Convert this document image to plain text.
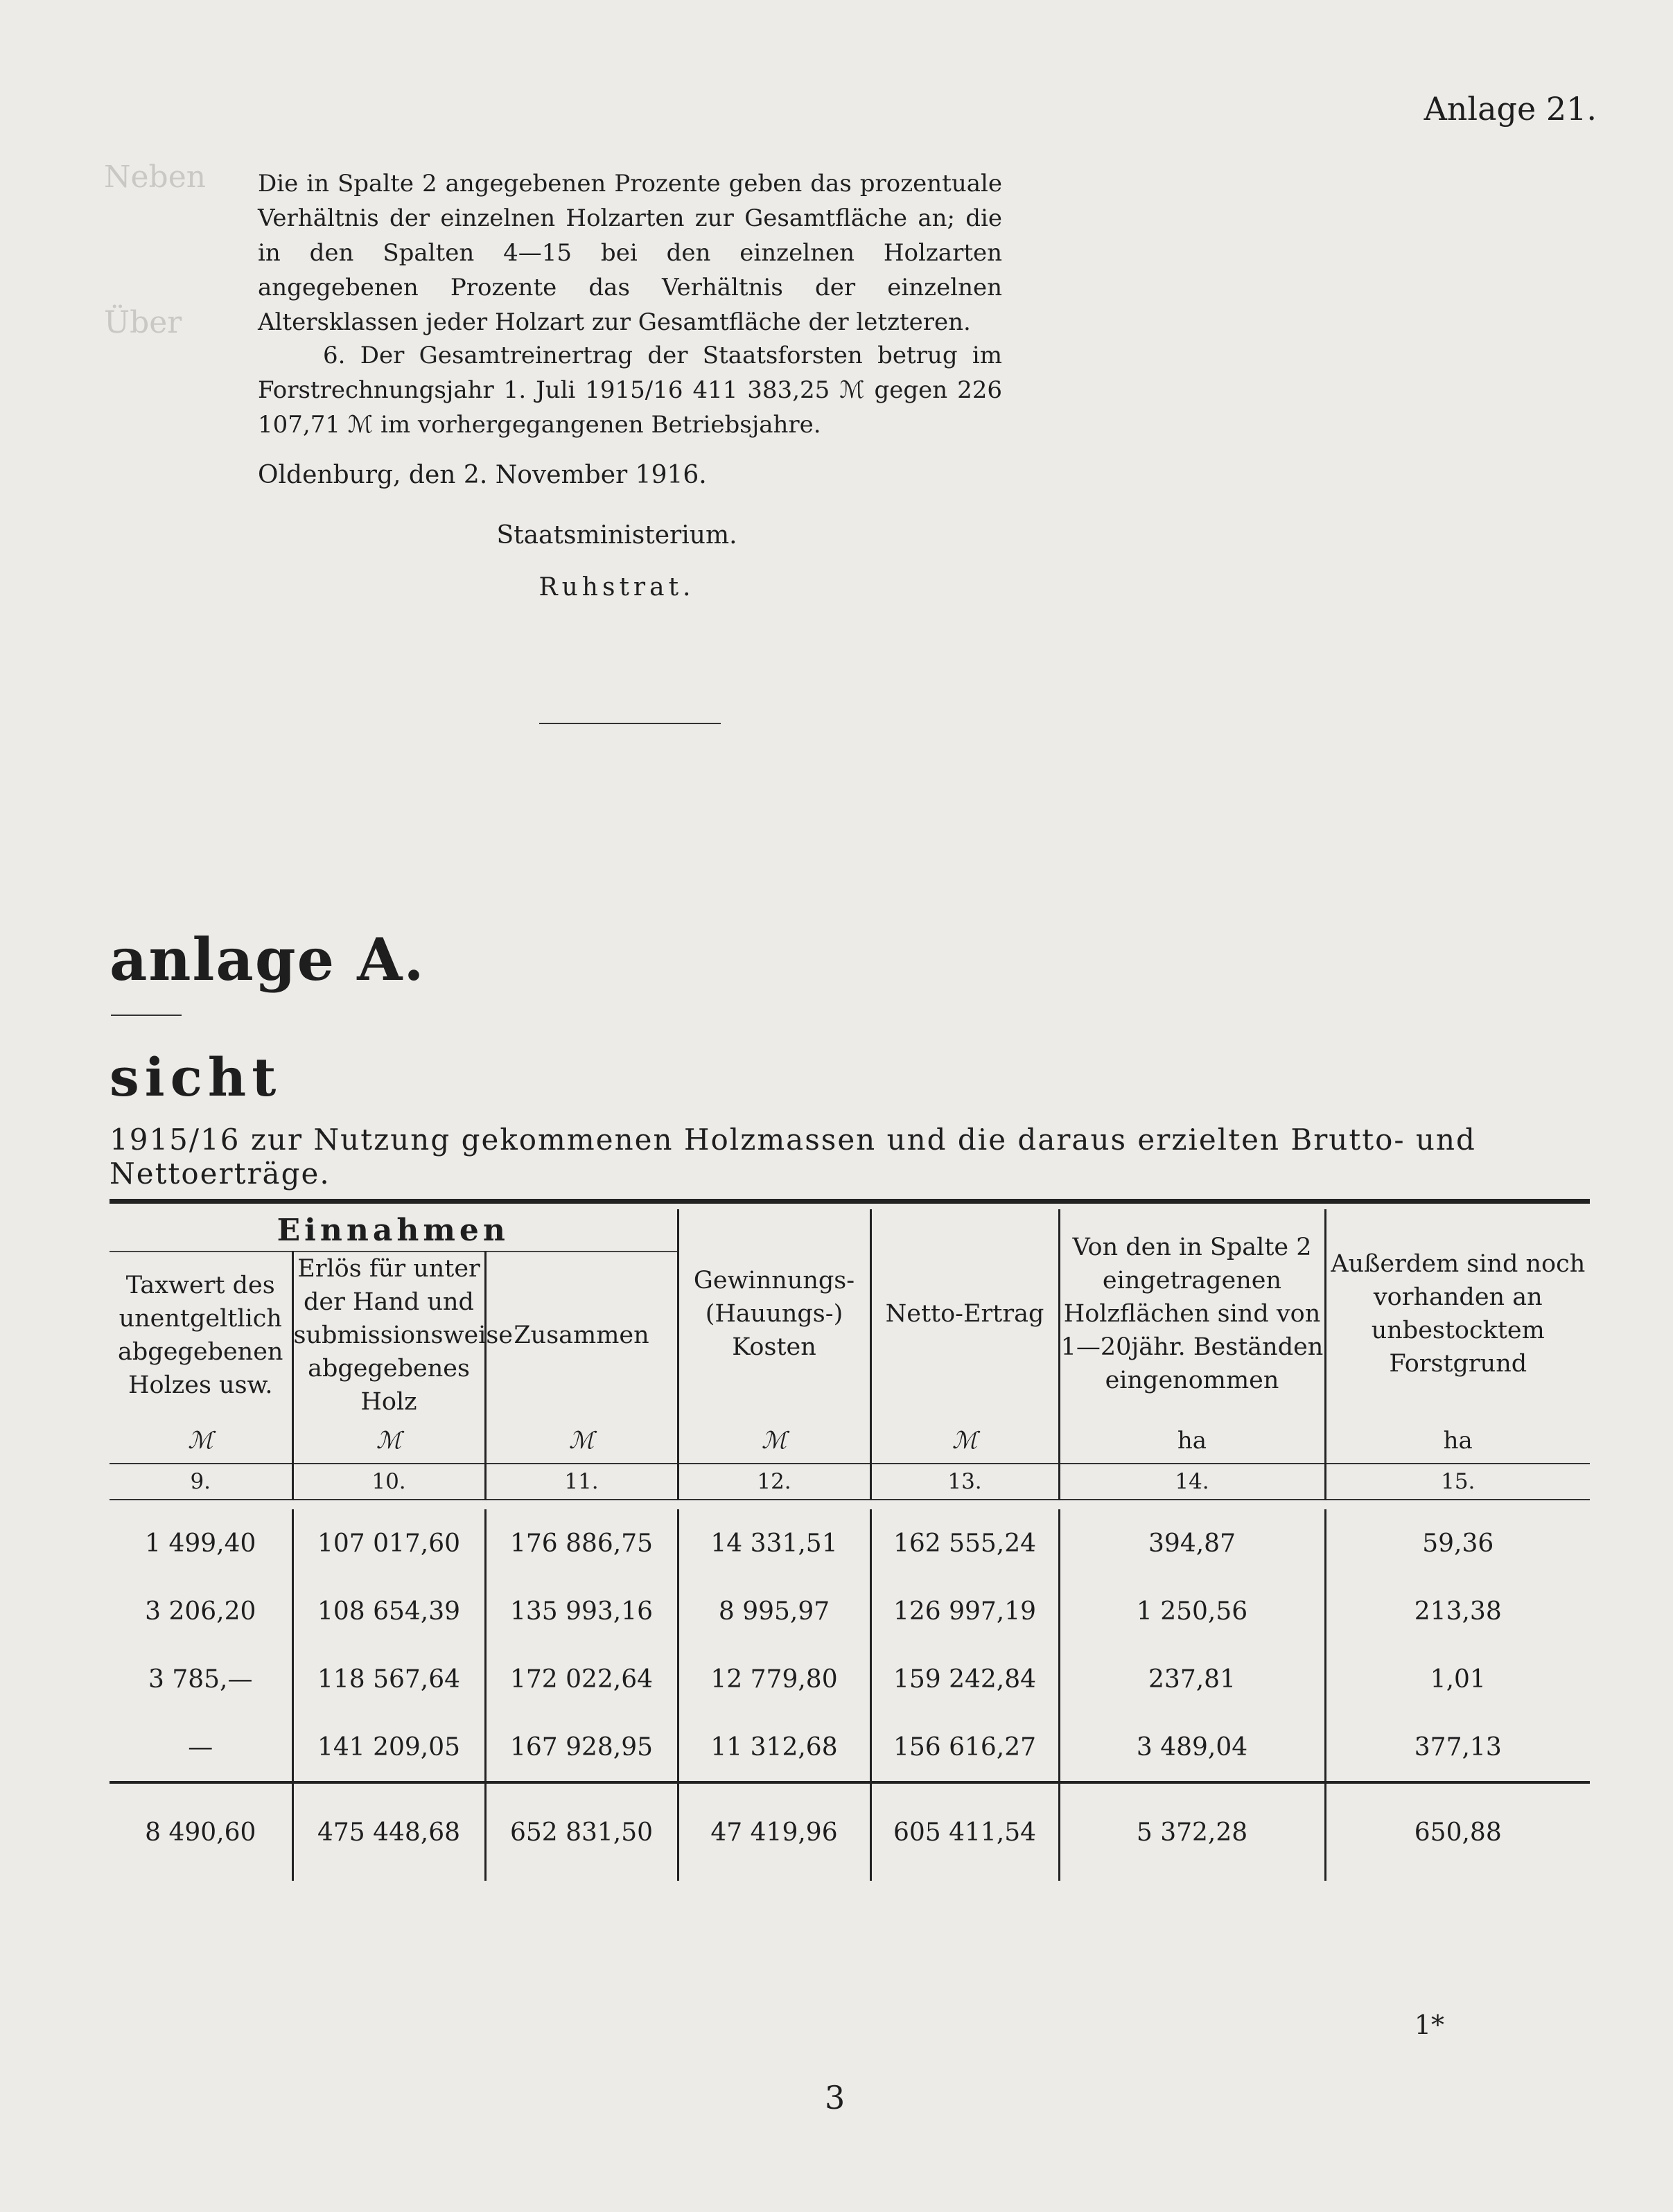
Neben
Über
Anlage 21.
Die in Spalte 2 angegebenen Prozente geben das prozentuale Verhältnis der einzelnen Holzarten zur Gesamtfläche an; die in den Spalten 4—15 bei den einzelnen Holzarten angegebenen Prozente das Verhältnis der einzelnen Altersklassen jeder Holzart zur Gesamtfläche der letzteren.
6. Der Gesamtreinertrag der Staatsforsten betrug im Forstrechnungsjahr 1. Juli 1915/16 411 383,25 ℳ gegen 226 107,71 ℳ im vorhergegangenen Betriebsjahre.
Oldenburg, den 2. November 1916.
Staatsministerium.
Ruhstrat.
anlage A.
sicht
1915/16 zur Nutzung gekommenen Holzmassen und die daraus erzielten Brutto- und Nettoerträge.

Einnahmen			Gewinnungs- (Hauungs-) Kosten	Netto-Ertrag	Von den in Spalte 2 eingetragenen Holzflächen sind von 1—20jähr. Beständen eingenommen	Außerdem sind noch vorhanden an unbestocktem Forstgrund
Taxwert des unentgeltlich abgegebenen Holzes usw.	Erlös für unter der Hand und submissionsweise abgegebenes Holz	Zusammen				
ℳ	ℳ	ℳ	ℳ	ℳ	ha	ha
9.	10.	11.	12.	13.	14.	15.

1 499,40	107 017,60	176 886,75	14 331,51	162 555,24	394,87	59,36
3 206,20	108 654,39	135 993,16	8 995,97	126 997,19	1 250,56	213,38
3 785,—	118 567,64	172 022,64	12 779,80	159 242,84	237,81	1,01
—	141 209,05	167 928,95	11 312,68	156 616,27	3 489,04	377,13
8 490,60	475 448,68	652 831,50	47 419,96	605 411,54	5 372,28	650,88
1*
3
